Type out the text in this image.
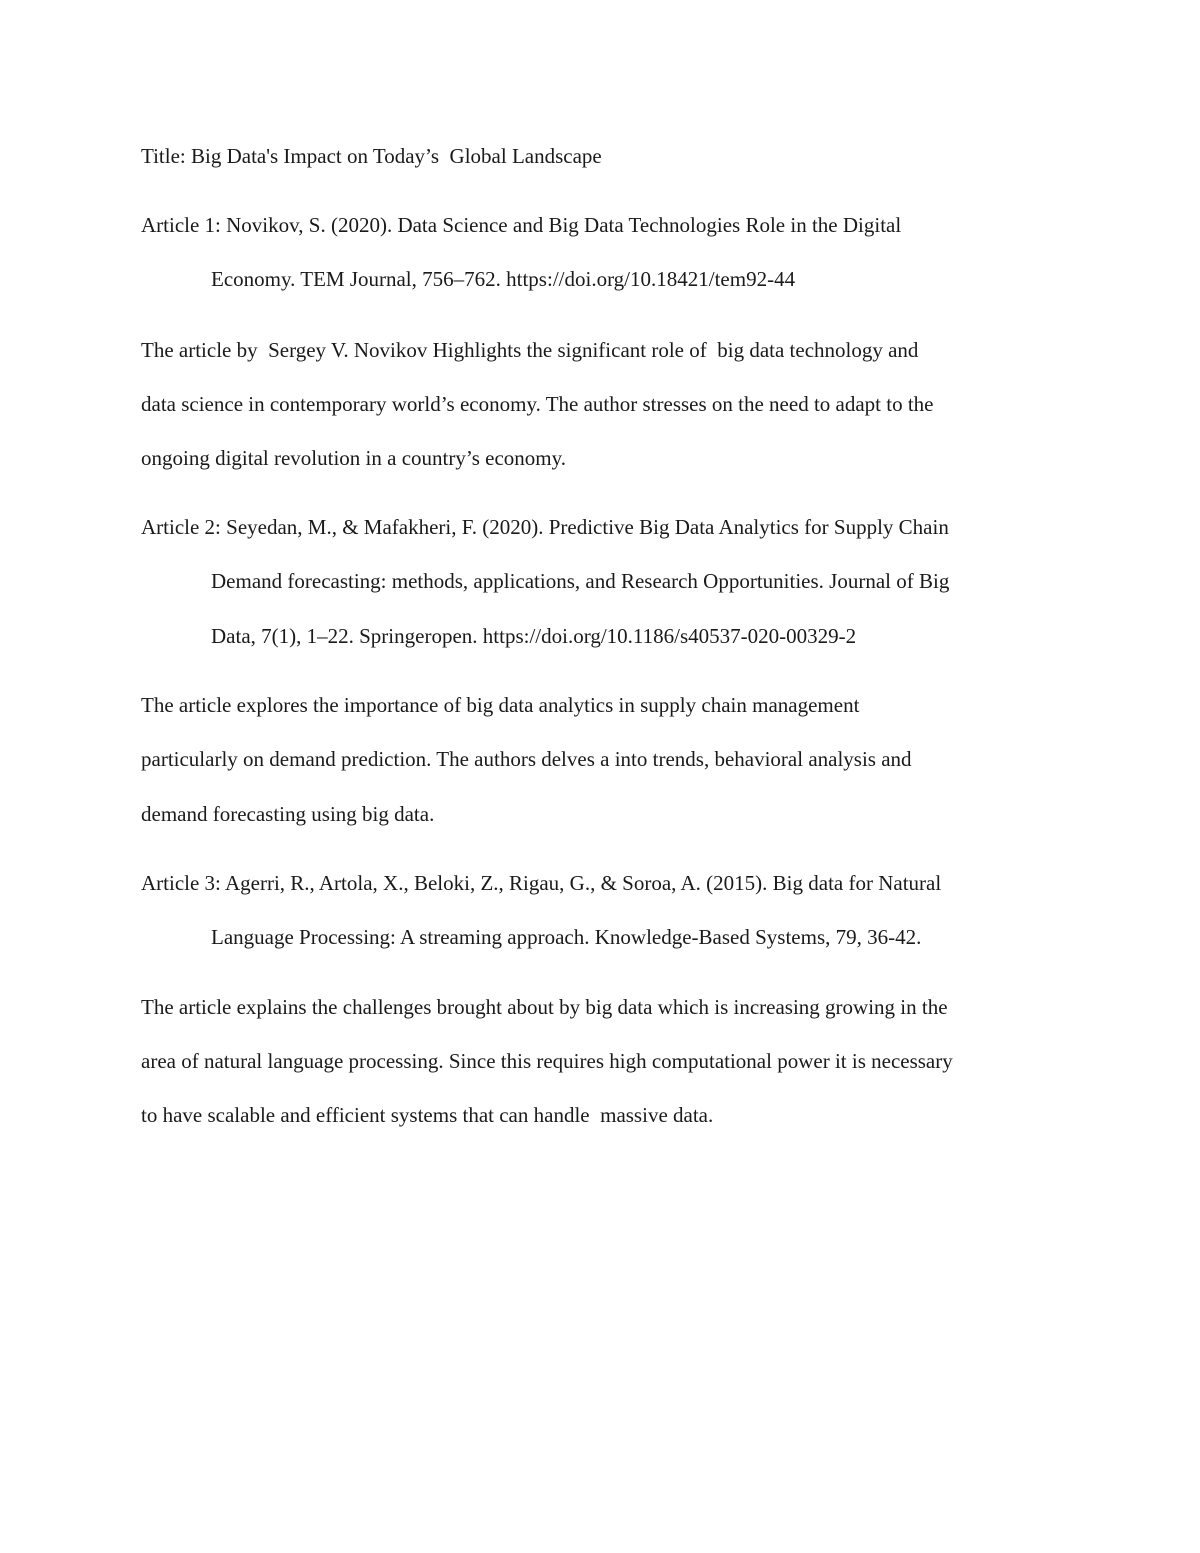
Title: Big Data's Impact on Today’s  Global Landscape
Article 1: Novikov, S. (2020). Data Science and Big Data Technologies Role in the Digital
Economy. TEM Journal, 756–762. https://doi.org/10.18421/tem92-44
The article by  Sergey V. Novikov Highlights the significant role of  big data technology and
data science in contemporary world’s economy. The author stresses on the need to adapt to the
ongoing digital revolution in a country’s economy.
Article 2: Seyedan, M., & Mafakheri, F. (2020). Predictive Big Data Analytics for Supply Chain
Demand forecasting: methods, applications, and Research Opportunities. Journal of Big
Data, 7(1), 1–22. Springeropen. https://doi.org/10.1186/s40537-020-00329-2
The article explores the importance of big data analytics in supply chain management
particularly on demand prediction. The authors delves a into trends, behavioral analysis and
demand forecasting using big data.
Article 3: Agerri, R., Artola, X., Beloki, Z., Rigau, G., & Soroa, A. (2015). Big data for Natural
Language Processing: A streaming approach. Knowledge-Based Systems, 79, 36-42.
The article explains the challenges brought about by big data which is increasing growing in the
area of natural language processing. Since this requires high computational power it is necessary
to have scalable and efficient systems that can handle  massive data.
